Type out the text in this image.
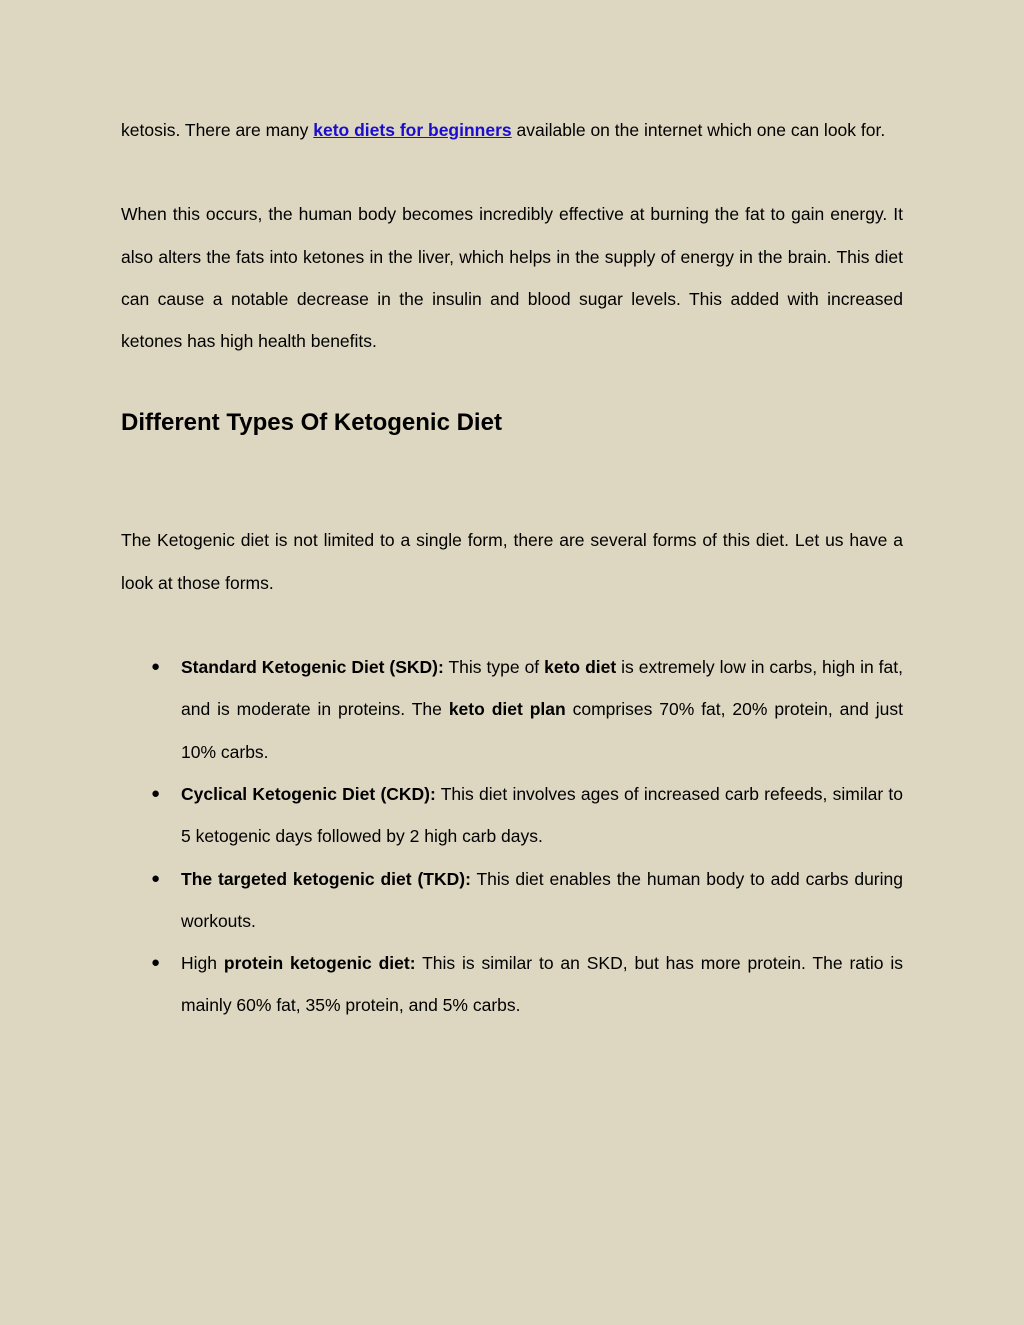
ketosis. There are many keto diets for beginners available on the internet which one can look for.

When this occurs, the human body becomes incredibly effective at burning the fat to gain energy. It also alters the fats into ketones in the liver, which helps in the supply of energy in the brain. This diet can cause a notable decrease in the insulin and blood sugar levels. This added with increased ketones has high health benefits.

Different Types Of Ketogenic Diet

The Ketogenic diet is not limited to a single form, there are several forms of this diet. Let us have a look at those forms.

● Standard Ketogenic Diet (SKD): This type of keto diet is extremely low in carbs, high in fat, and is moderate in proteins. The keto diet plan comprises 70% fat, 20% protein, and just 10% carbs.
● Cyclical Ketogenic Diet (CKD): This diet involves ages of increased carb refeeds, similar to 5 ketogenic days followed by 2 high carb days.
● The targeted ketogenic diet (TKD): This diet enables the human body to add carbs during workouts.
● High protein ketogenic diet: This is similar to an SKD, but has more protein. The ratio is mainly 60% fat, 35% protein, and 5% carbs.
